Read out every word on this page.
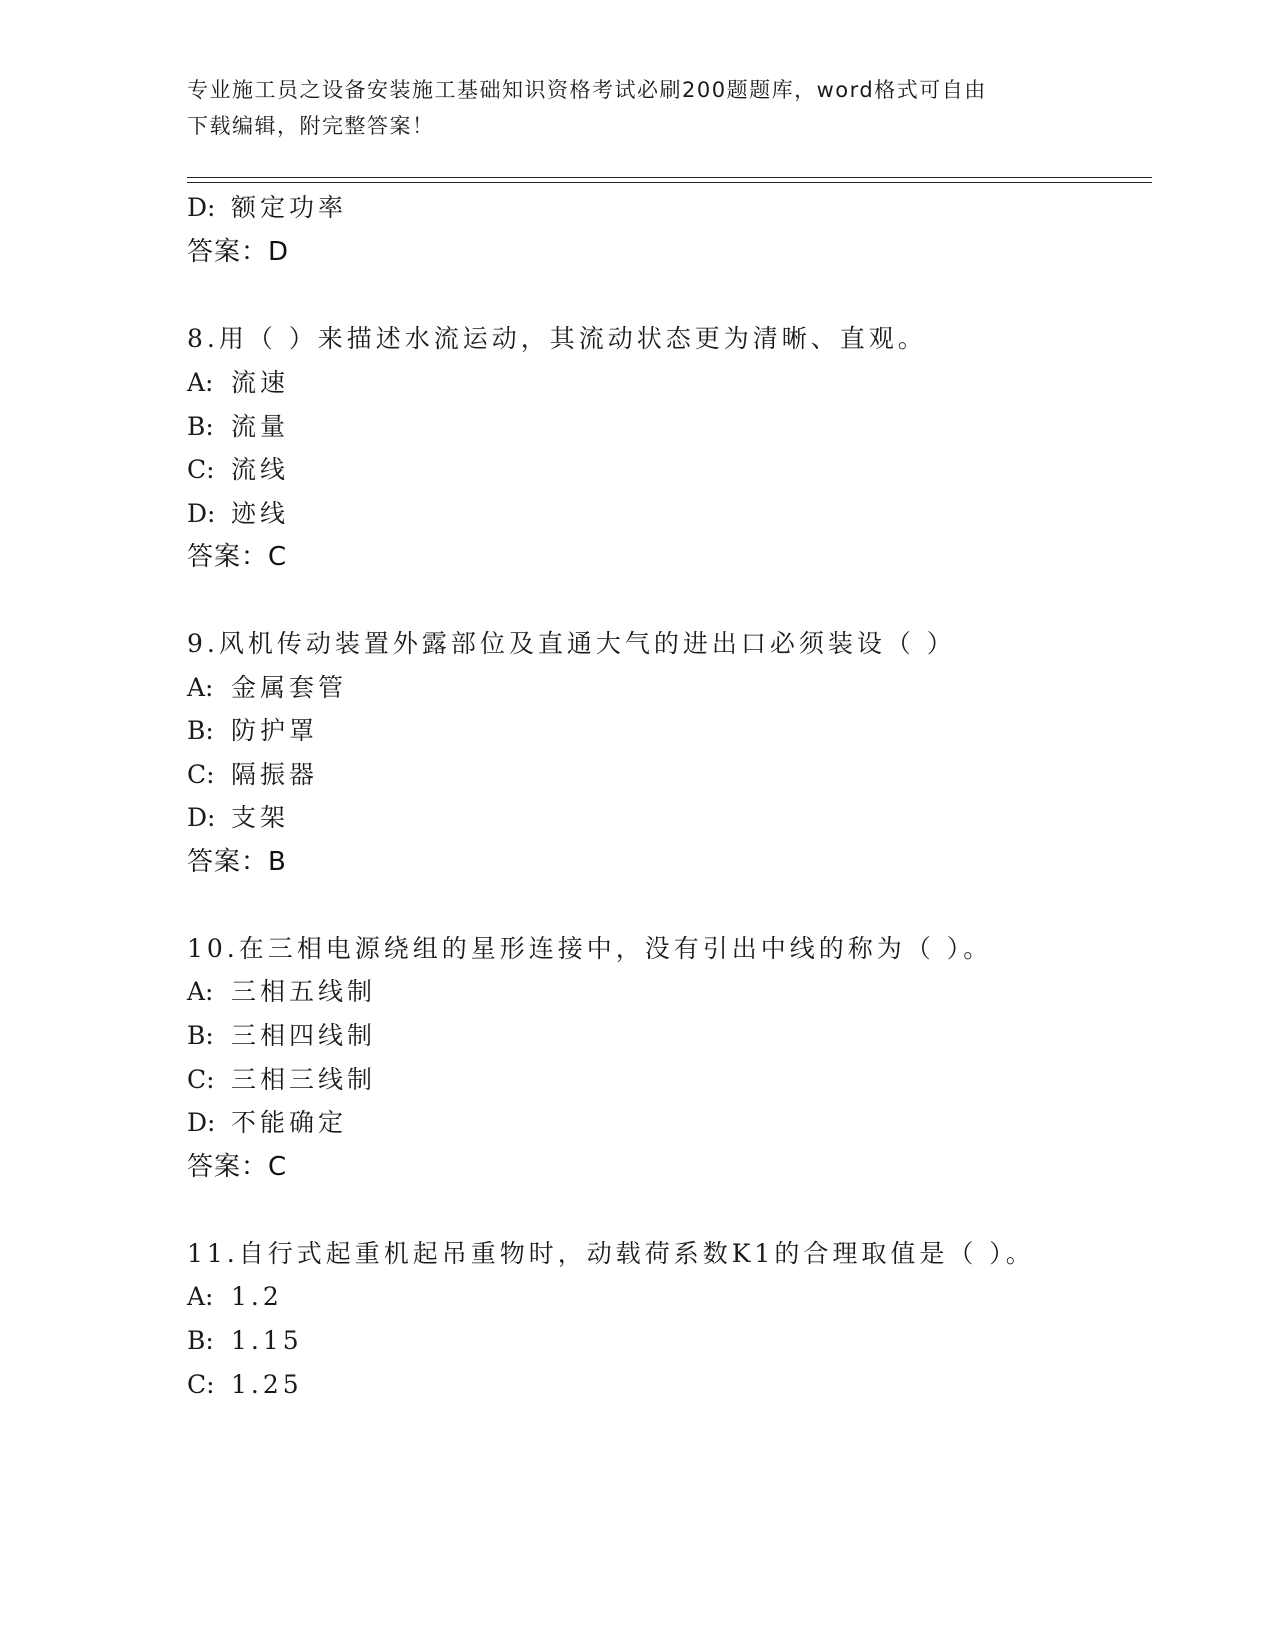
专业施工员之设备安装施工基础知识资格考试必刷200题题库，word格式可自由
下载编辑，附完整答案！
D: 额定功率
答案：D
8.用（ ）来描述水流运动，其流动状态更为清晰、直观。
A: 流速
B: 流量
C: 流线
D: 迹线
答案：C
9.风机传动装置外露部位及直通大气的进出口必须装设（ ）
A: 金属套管
B: 防护罩
C: 隔振器
D: 支架
答案：B
10.在三相电源绕组的星形连接中，没有引出中线的称为（ ）。
A: 三相五线制
B: 三相四线制
C: 三相三线制
D: 不能确定
答案：C
11.自行式起重机起吊重物时，动载荷系数K1的合理取值是（ ）。
A: 1.2
B: 1.15
C: 1.25
